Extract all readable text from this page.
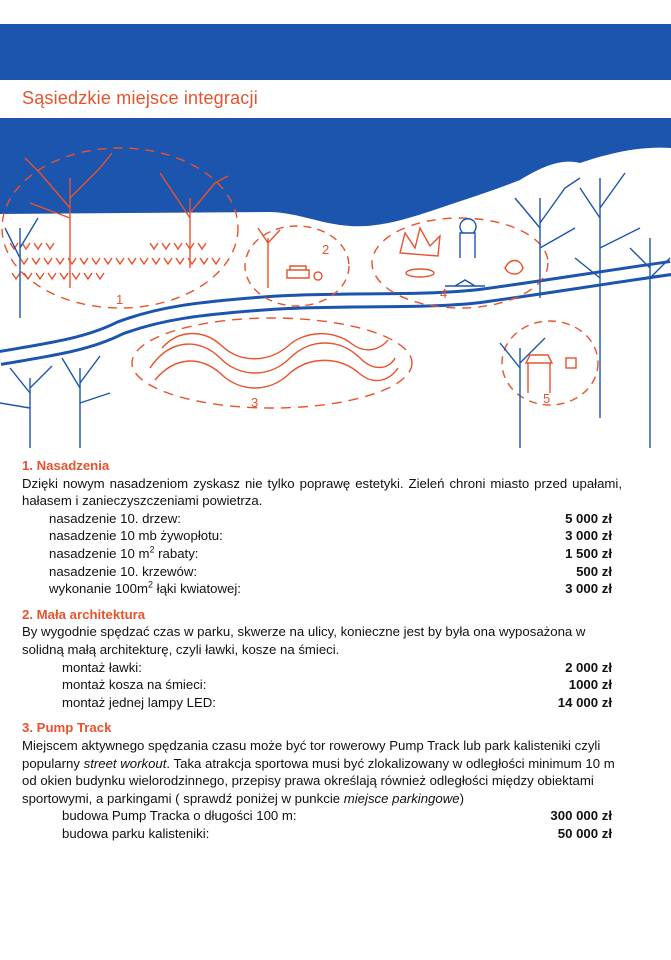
Sąsiedzkie miejsce integracji
1
2
3
4
5
1. Nasadzenia
Dzięki nowym nasadzeniom zyskasz nie tylko poprawę estetyki. Zieleń chroni miasto przed upałami, hałasem i zanieczyszczeniami powietrza.
nasadzenie 10. drzew:	5 000 zł
nasadzenie 10 mb żywopłotu:	3 000 zł
nasadzenie 10 $m^2$ rabaty:	1 500 zł
nasadzenie 10. krzewów:	500 zł
wykonanie $100m^2$ łąki kwiatowej:	3 000 zł
2. Mała architektura
By wygodnie spędzać czas w parku, skwerze na ulicy, konieczne jest by była ona wyposażona w solidną małą architekturę, czyli ławki, kosze na śmieci.
montaż ławki:	2 000 zł
montaż kosza na śmieci:	1000 zł
montaż jednej lampy LED:	14 000 zł
3. Pump Track
Miejscem aktywnego spędzania czasu może być tor rowerowy Pump Track lub park kalisteniki czyli popularny street workout. Taka atrakcja sportowa musi być zlokalizowany w odległości minimum 10 m od okien budynku wielorodzinnego, przepisy prawa określają również odległości między obiektami sportowymi, a parkingami ( sprawdź poniżej w punkcie miejsce parkingowe)
budowa Pump Tracka o długości 100 m:	300 000 zł
budowa parku kalisteniki:	50 000 zł
